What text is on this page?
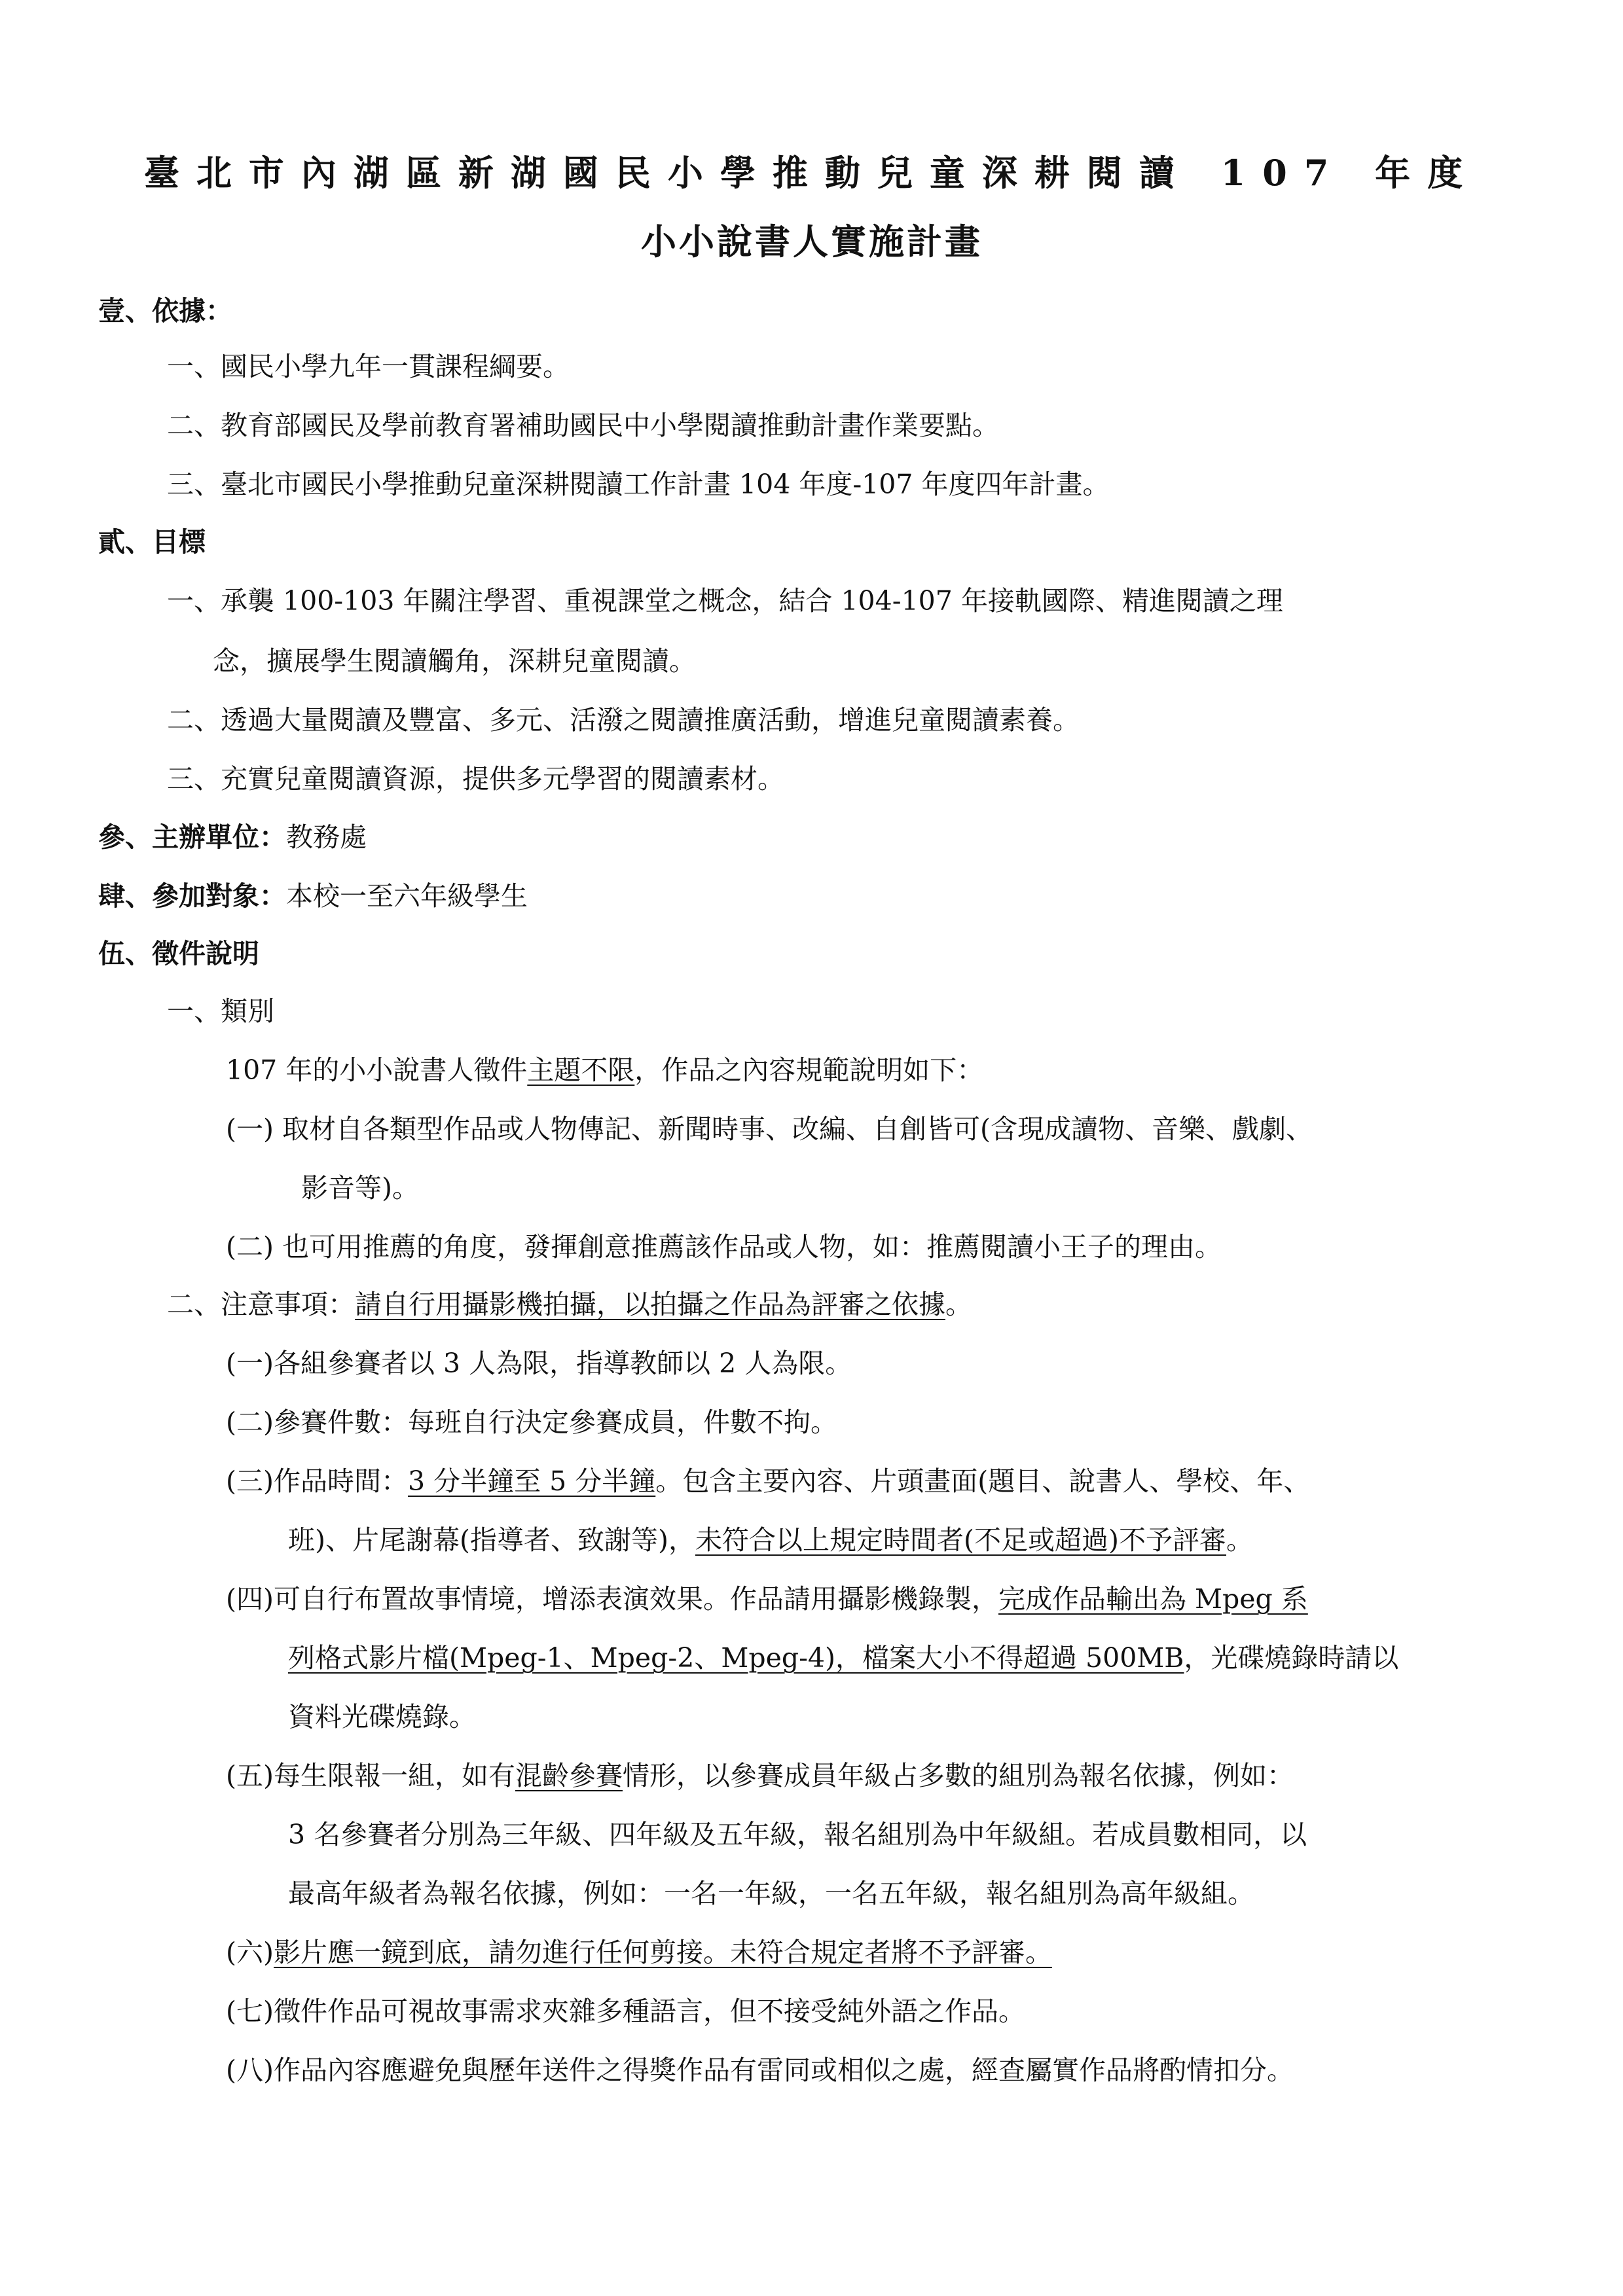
臺北市內湖區新湖國民小學推動兒童深耕閱讀 107 年度
小小說書人實施計畫
壹、依據：
一、國民小學九年一貫課程綱要。
二、教育部國民及學前教育署補助國民中小學閱讀推動計畫作業要點。
三、臺北市國民小學推動兒童深耕閱讀工作計畫 104 年度-107 年度四年計畫。
貳、目標
一、承襲 100-103 年關注學習、重視課堂之概念，結合 104-107 年接軌國際、精進閱讀之理
念，擴展學生閱讀觸角，深耕兒童閱讀。
二、透過大量閱讀及豐富、多元、活潑之閱讀推廣活動，增進兒童閱讀素養。
三、充實兒童閱讀資源，提供多元學習的閱讀素材。
參、主辦單位：教務處
肆、參加對象：本校一至六年級學生
伍、徵件說明
一、類別
107 年的小小說書人徵件主題不限，作品之內容規範說明如下：
(一) 取材自各類型作品或人物傳記、新聞時事、改編、自創皆可(含現成讀物、音樂、戲劇、
影音等)。
(二) 也可用推薦的角度，發揮創意推薦該作品或人物，如：推薦閱讀小王子的理由。
二、注意事項：請自行用攝影機拍攝，以拍攝之作品為評審之依據。
(一)各組參賽者以 3 人為限，指導教師以 2 人為限。
(二)參賽件數：每班自行決定參賽成員，件數不拘。
(三)作品時間：3 分半鐘至 5 分半鐘。包含主要內容、片頭畫面(題目、說書人、學校、年、
班)、片尾謝幕(指導者、致謝等)，未符合以上規定時間者(不足或超過)不予評審。
(四)可自行布置故事情境，增添表演效果。作品請用攝影機錄製，完成作品輸出為 Mpeg 系
列格式影片檔(Mpeg-1、Mpeg-2、Mpeg-4)，檔案大小不得超過 500MB，光碟燒錄時請以
資料光碟燒錄。
(五)每生限報一組，如有混齡參賽情形，以參賽成員年級占多數的組別為報名依據，例如：
3 名參賽者分別為三年級、四年級及五年級，報名組別為中年級組。若成員數相同，以
最高年級者為報名依據，例如：一名一年級，一名五年級，報名組別為高年級組。
(六)影片應一鏡到底，請勿進行任何剪接。未符合規定者將不予評審。
(七)徵件作品可視故事需求夾雜多種語言，但不接受純外語之作品。
(八)作品內容應避免與歷年送件之得獎作品有雷同或相似之處，經查屬實作品將酌情扣分。
